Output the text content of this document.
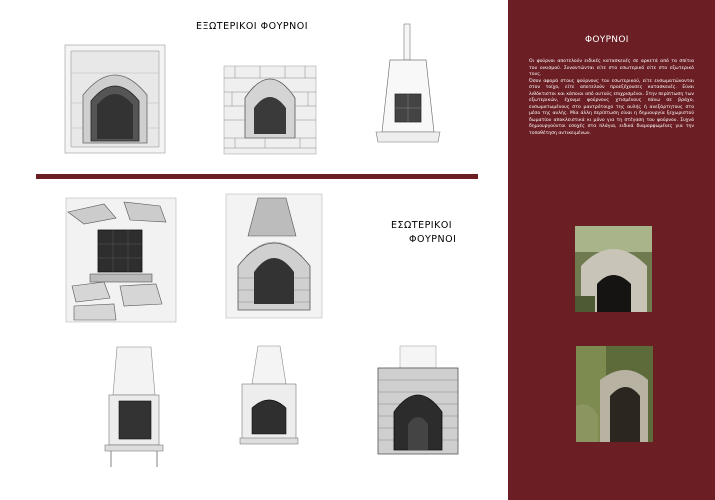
ΕΞΩΤΕΡΙΚΟΙ ΦΟΥΡΝΟΙ
ΕΣΩΤΕΡΙΚΟΙ
ΦΟΥΡΝΟΙ
ΦΟΥΡΝΟΙ

Οι φούρνοι αποτελούν ειδικές κατασκευές σε αρκετά από τα σπίτια του οικισμού. Συναντώνται είτε στο εσωτερικό είτε στο εξωτερικό τους.

Όσον αφορά στους φούρνους του εσωτερικού, είτε ενσωματώνονται στον τοίχο, είτε αποτελούν προεξέχουσες κατασκευές. Είναι λιθόκτιστοι και κάποιοι από αυτούς επιχρισμένοι. Στην περίπτωση των εξωτερικών, έχουμε φούρνους χτισμένους πάνω σε βράχο, ενσωματωμένους στο μαντρότοιχο της αυλής ή ανεξάρτητους στο μέσο της αυλής. Μία άλλη περίπτωση είναι η δημιουργία ξεχωριστού δωματίου αποκλειστικά κι μόνο για τη στέγαση του φούρνου. Συχνά δημιουργούνται εσοχές στα πλάγια, ειδικά διαμορφωμένες για την τοποθέτηση αντικειμένων.
